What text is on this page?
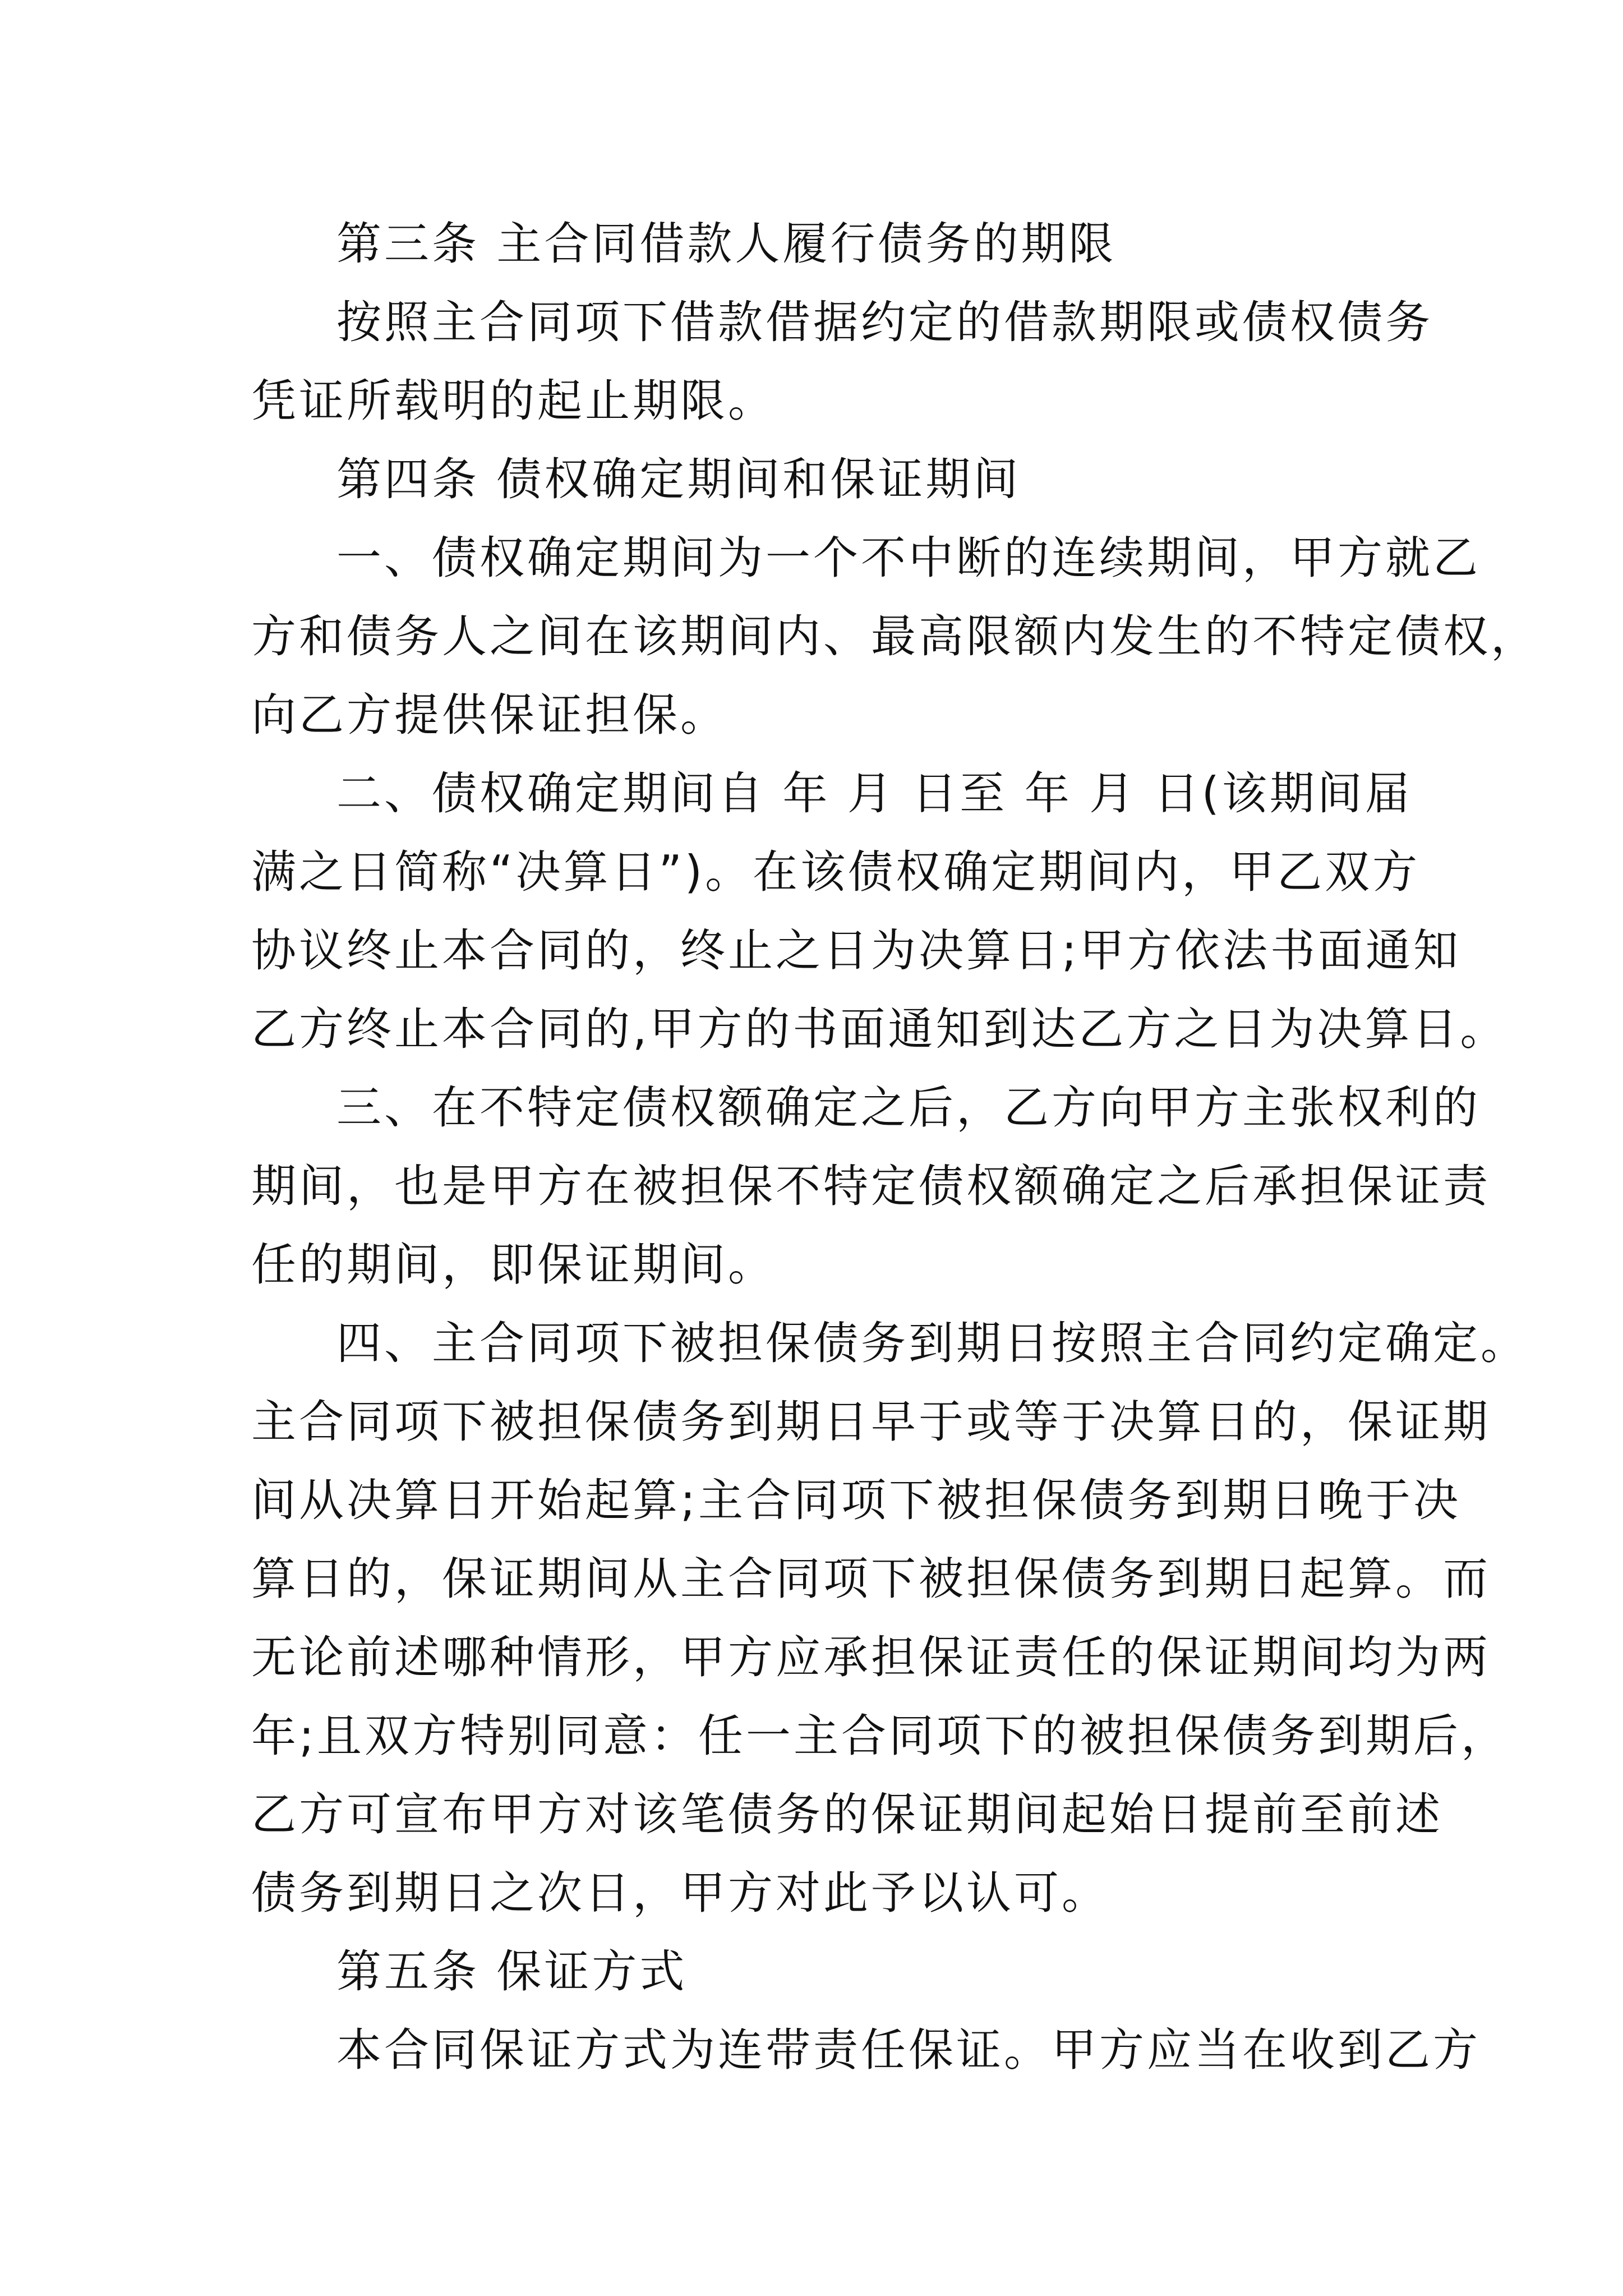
第三条 主合同借款人履行债务的期限
按照主合同项下借款借据约定的借款期限或债权债务
凭证所载明的起止期限。
第四条 债权确定期间和保证期间
一、债权确定期间为一个不中断的连续期间，甲方就乙
方和债务人之间在该期间内、最高限额内发生的不特定债权，
向乙方提供保证担保。
二、债权确定期间自 年 月 日至 年 月 日(该期间届
满之日简称“决算日”)。在该债权确定期间内，甲乙双方
协议终止本合同的，终止之日为决算日;甲方依法书面通知
乙方终止本合同的,甲方的书面通知到达乙方之日为决算日。
三、在不特定债权额确定之后，乙方向甲方主张权利的
期间，也是甲方在被担保不特定债权额确定之后承担保证责
任的期间，即保证期间。
四、主合同项下被担保债务到期日按照主合同约定确定。
主合同项下被担保债务到期日早于或等于决算日的，保证期
间从决算日开始起算;主合同项下被担保债务到期日晚于决
算日的，保证期间从主合同项下被担保债务到期日起算。而
无论前述哪种情形，甲方应承担保证责任的保证期间均为两
年;且双方特别同意：任一主合同项下的被担保债务到期后，
乙方可宣布甲方对该笔债务的保证期间起始日提前至前述
债务到期日之次日，甲方对此予以认可。
第五条 保证方式
本合同保证方式为连带责任保证。甲方应当在收到乙方
